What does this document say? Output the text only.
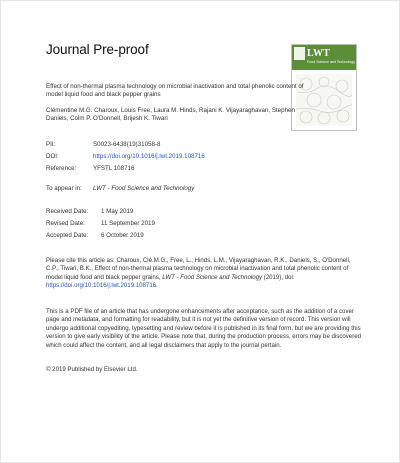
Journal Pre-proof	LWT
Food Science and Technology
Effect of non-thermal plasma technology on microbial inactivation and total phenolic content of model liquid food and black pepper grains
Clémentine M.G. Charoux, Louis Free, Laura M. Hinds, Rajani K. Vijayaraghavan, Stephen Daniels, Colm P. O'Donnell, Brijesh K. Tiwari
PII:	S0023-6438(19)31058-8
DOI:	https://doi.org/10.1016/j.lwt.2019.108716
Reference:	YFSTL 108716
To appear in: LWT - Food Science and Technology
Received Date: 1 May 2019
Revised Date:	11 September 2019
Accepted Date: 6 October 2019
Please cite this article as: Charoux, Clé.M.G., Free, L., Hinds, L.M., Vijayaraghavan, R.K., Daniels, S., O'Donnell, C.P., Tiwari, B.K., Effect of non-thermal plasma technology on microbial inactivation and total phenolic content of model liquid food and black pepper grains, LWT - Food Science and Technology (2019), doi: https://doi.org/10.1016/j.lwt.2019.108716.
This is a PDF file of an article that has undergone enhancements after acceptance, such as the addition of a cover page and metadata, and formatting for readability, but it is not yet the definitive version of record. This version will undergo additional copyediting, typesetting and review before it is published in its final form, but we are providing this version to give early visibility of the article. Please note that, during the production process, errors may be discovered which could affect the content, and all legal disclaimers that apply to the journal pertain.
© 2019 Published by Elsevier Ltd.
